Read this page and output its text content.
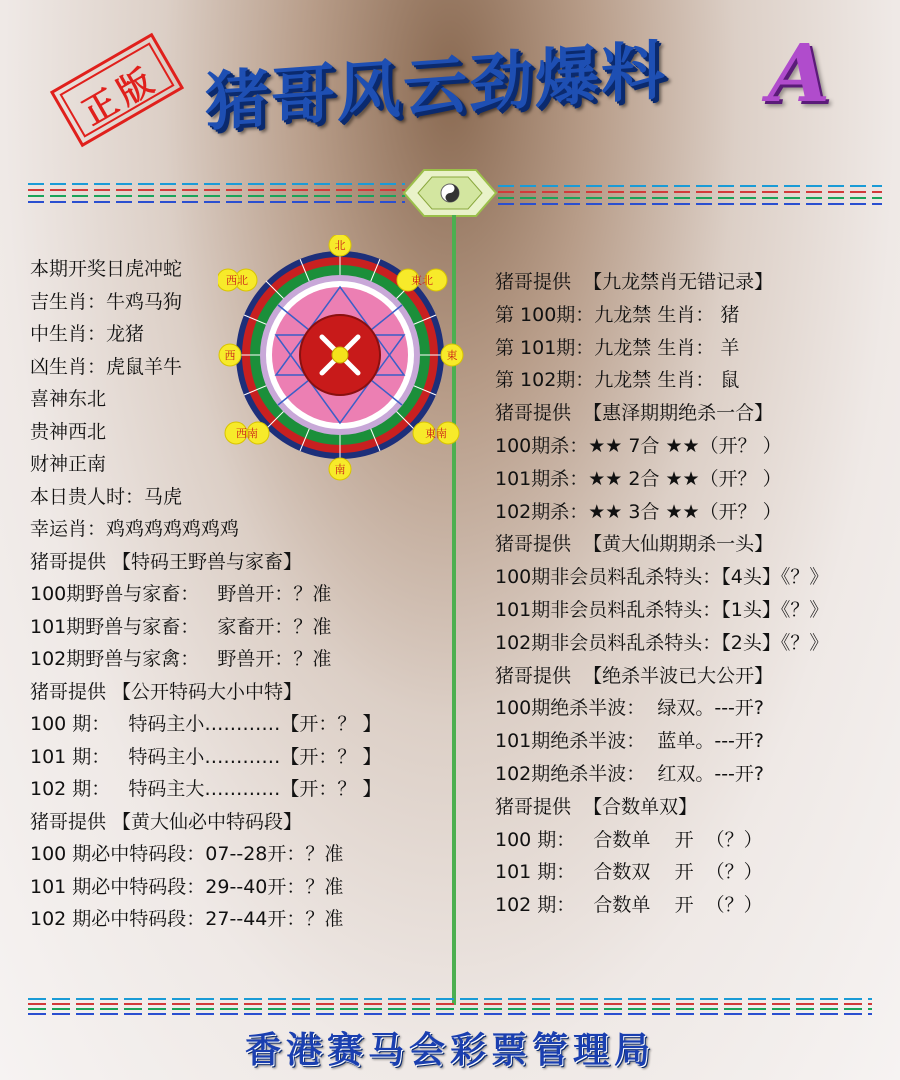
正版 猪哥风云劲爆料	A
北
東北
東
東南
南
西南
西
西北
本期开奖日虎冲蛇
吉生肖：牛鸡马狗
中生肖：龙猪
凶生肖：虎鼠羊牛
喜神东北
贵神西北
财神正南
本日贵人时：马虎
幸运肖：鸡鸡鸡鸡鸡鸡鸡
猪哥提供 【特码王野兽与家畜】
100期野兽与家畜：   野兽开：？准
101期野兽与家畜：   家畜开：？准
102期野兽与家禽：   野兽开：？准
猪哥提供 【公开特码大小中特】
100 期：   特码主小…………【开：？ 】
101 期：   特码主小…………【开：？ 】
102 期：   特码主大…………【开：？ 】
猪哥提供 【黄大仙必中特码段】
100 期必中特码段：07--28开：？准
101 期必中特码段：29--40开：？准
102 期必中特码段：27--44开：？准
猪哥提供  【九龙禁肖无错记录】
第 100期：九龙禁 生肖： 猪
第 101期：九龙禁 生肖： 羊
第 102期：九龙禁 生肖： 鼠
猪哥提供  【惠泽期期绝杀一合】
100期杀：★★ 7合 ★★（开？ ）
101期杀：★★ 2合 ★★（开？ ）
102期杀：★★ 3合 ★★（开？ ）
猪哥提供  【黄大仙期期杀一头】
100期非会员料乱杀特头：【4头】《？》
101期非会员料乱杀特头：【1头】《？》
102期非会员料乱杀特头：【2头】《？》
猪哥提供  【绝杀半波已大公开】
100期绝杀半波：  绿双。---开?
101期绝杀半波：  蓝单。---开?
102期绝杀半波：  红双。---开?
猪哥提供  【合数单双】
100 期：   合数单    开  （？）
101 期：   合数双    开  （？）
102 期：   合数单    开  （？）
香港赛马会彩票管理局
